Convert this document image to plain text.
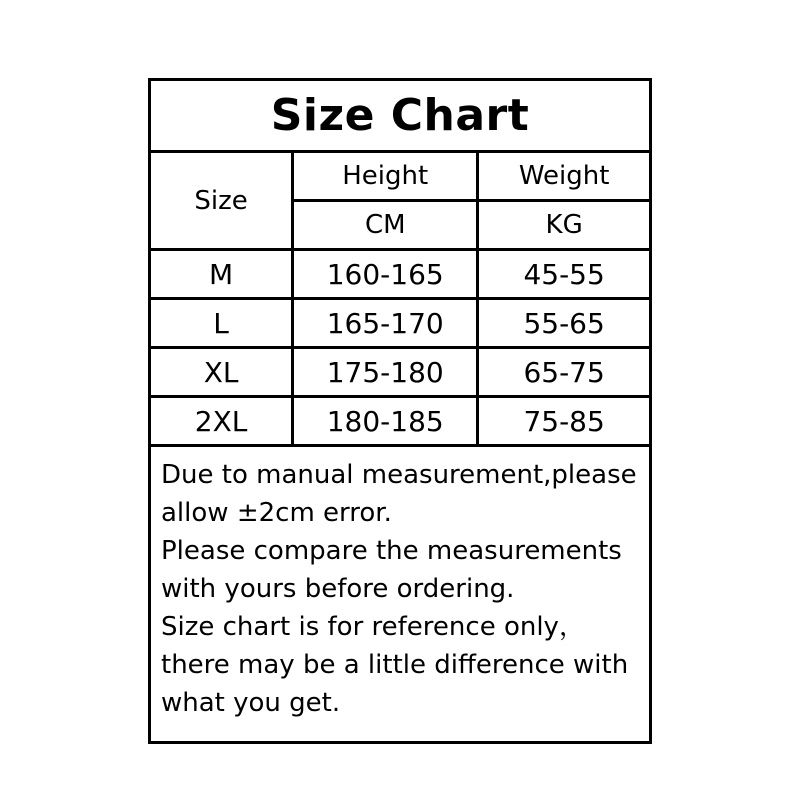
Size Chart
Size	Height	Weight
	CM	KG
M	160-165	45-55
L	165-170	55-65
XL	175-180	65-75
2XL	180-185	75-85

Due to manual measurement,please allow ±2cm error.

Please compare the measurements with yours before ordering.

Size chart is for reference only， there may be a little difference with what you get.
